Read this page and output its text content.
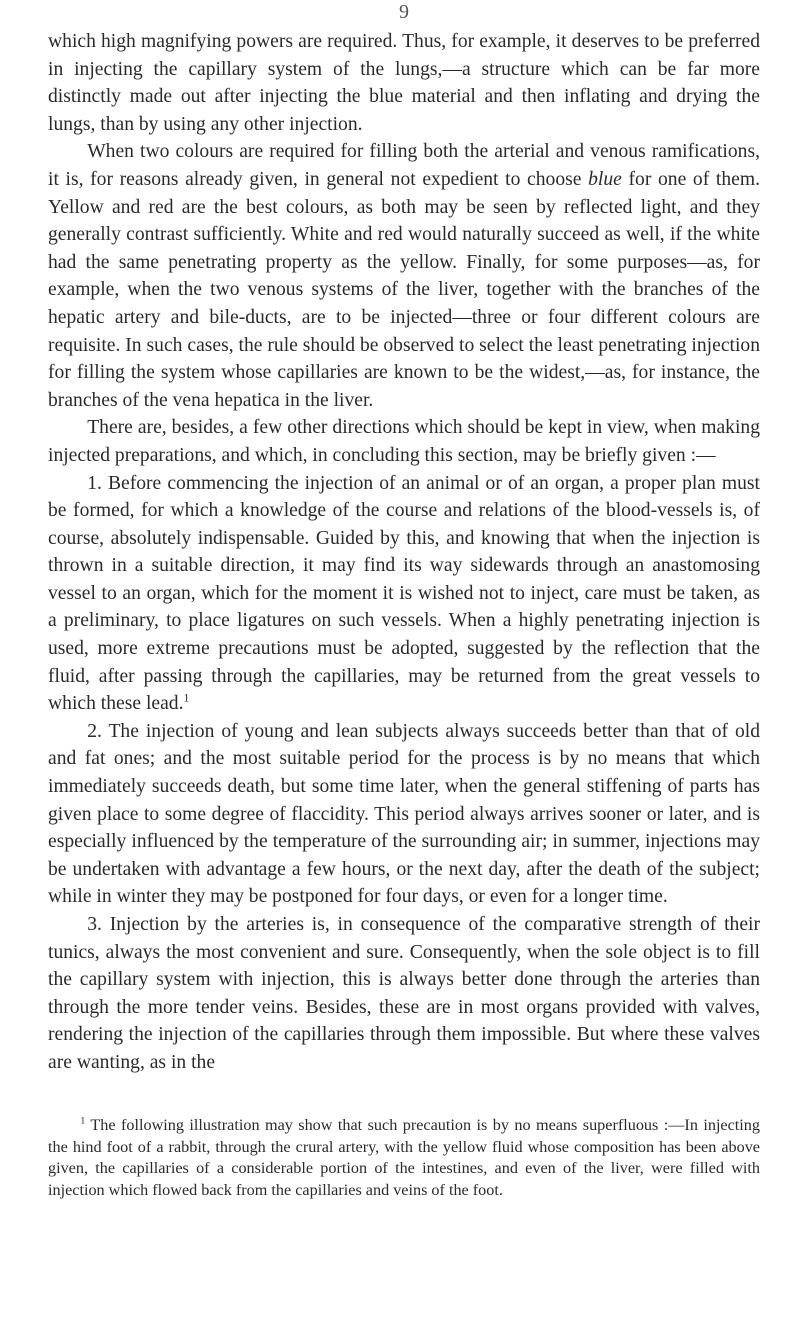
9

which high magnifying powers are required. Thus, for example, it deserves to be preferred in injecting the capillary system of the lungs,—a structure which can be far more distinctly made out after injecting the blue material and then inflating and drying the lungs, than by using any other injection.

When two colours are required for filling both the arterial and venous ramifications, it is, for reasons already given, in general not expedient to choose blue for one of them. Yellow and red are the best colours, as both may be seen by reflected light, and they generally contrast sufficiently. White and red would naturally succeed as well, if the white had the same penetrating property as the yellow. Finally, for some purposes—as, for example, when the two venous systems of the liver, together with the branches of the hepatic artery and bile-ducts, are to be injected—three or four different colours are requisite. In such cases, the rule should be observed to select the least penetrating injection for filling the system whose capillaries are known to be the widest,—as, for instance, the branches of the vena hepatica in the liver.

There are, besides, a few other directions which should be kept in view, when making injected preparations, and which, in concluding this section, may be briefly given :—

1. Before commencing the injection of an animal or of an organ, a proper plan must be formed, for which a knowledge of the course and relations of the blood-vessels is, of course, absolutely indispensable. Guided by this, and knowing that when the injection is thrown in a suitable direction, it may find its way sidewards through an anastomosing vessel to an organ, which for the moment it is wished not to inject, care must be taken, as a preliminary, to place ligatures on such vessels. When a highly penetrating injection is used, more extreme precautions must be adopted, suggested by the reflection that the fluid, after passing through the capillaries, may be returned from the great vessels to which these lead.$^1$

2. The injection of young and lean subjects always succeeds better than that of old and fat ones; and the most suitable period for the process is by no means that which immediately succeeds death, but some time later, when the general stiffening of parts has given place to some degree of flaccidity. This period always arrives sooner or later, and is especially influenced by the temperature of the surrounding air; in summer, injections may be undertaken with advantage a few hours, or the next day, after the death of the subject; while in winter they may be postponed for four days, or even for a longer time.

3. Injection by the arteries is, in consequence of the comparative strength of their tunics, always the most convenient and sure. Consequently, when the sole object is to fill the capillary system with injection, this is always better done through the arteries than through the more tender veins. Besides, these are in most organs provided with valves, rendering the injection of the capillaries through them impossible. But where these valves are wanting, as in the

$^1$ The following illustration may show that such precaution is by no means superfluous :—In injecting the hind foot of a rabbit, through the crural artery, with the yellow fluid whose composition has been above given, the capillaries of a considerable portion of the intestines, and even of the liver, were filled with injection which flowed back from the capillaries and veins of the foot.
